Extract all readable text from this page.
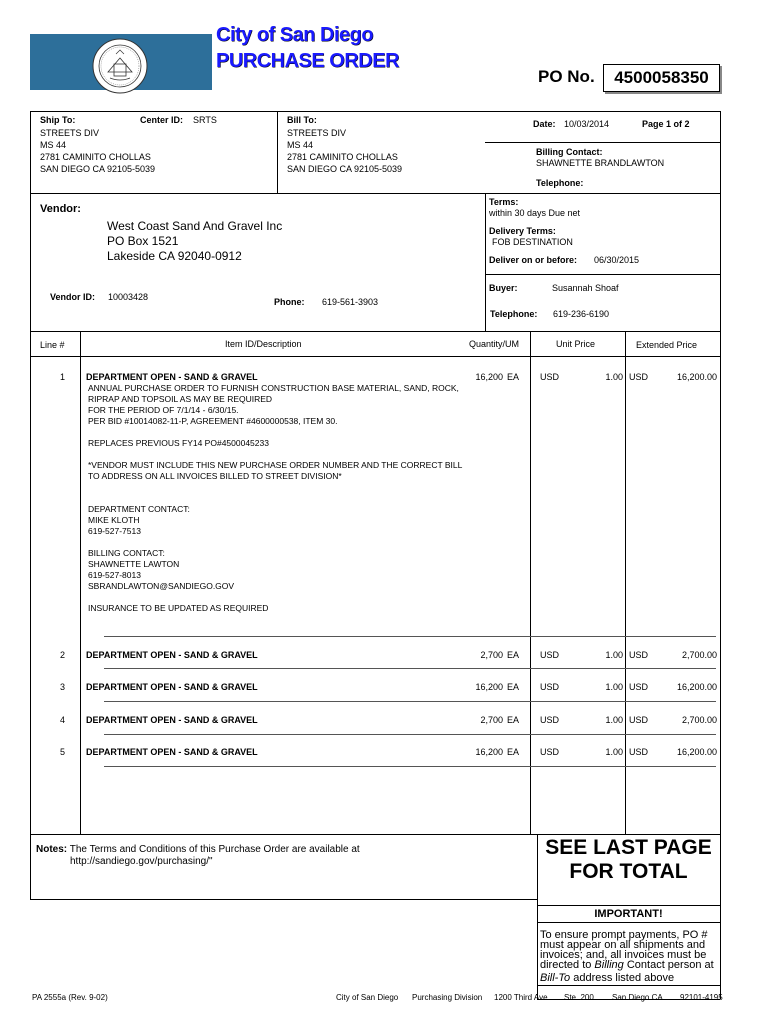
City of San Diego
PURCHASE ORDER
PO No.	4500058350
Ship To:	Center ID: SRTS
STREETS DIV
MS 44
2781 CAMINITO CHOLLAS
SAN DIEGO CA 92105-5039
Bill To:
STREETS DIV
MS 44
2781 CAMINITO CHOLLAS
SAN DIEGO CA 92105-5039
Date: 10/03/2014	Page 1 of 2
Billing Contact:
SHAWNETTE BRANDLAWTON
Telephone:
Vendor:
West Coast Sand And Gravel Inc
PO Box 1521
Lakeside CA 92040-0912
Vendor ID: 10003428	Phone: 619-561-3903
Terms:
within 30 days Due net
Delivery Terms:
FOB DESTINATION
Deliver on or before: 06/30/2015
Buyer:	Susannah Shoaf
Telephone: 619-236-6190
Line #	Item ID/Description	Quantity/UM	Unit Price	Extended Price
1 DEPARTMENT OPEN - SAND & GRAVEL	16,200 EA USD	1.00 USD	16,200.00
ANNUAL PURCHASE ORDER TO FURNISH CONSTRUCTION BASE MATERIAL, SAND, ROCK,
RIPRAP AND TOPSOIL AS MAY BE REQUIRED
FOR THE PERIOD OF 7/1/14 - 6/30/15.
PER BID #10014082-11-P, AGREEMENT #4600000538, ITEM 30.
REPLACES PREVIOUS FY14 PO#4500045233
*VENDOR MUST INCLUDE THIS NEW PURCHASE ORDER NUMBER AND THE CORRECT BILL
TO ADDRESS ON ALL INVOICES BILLED TO STREET DIVISION*
DEPARTMENT CONTACT:
MIKE KLOTH
619-527-7513
BILLING CONTACT:
SHAWNETTE LAWTON
619-527-8013
SBRANDLAWTON@SANDIEGO.GOV
INSURANCE TO BE UPDATED AS REQUIRED
2 DEPARTMENT OPEN - SAND & GRAVEL	2,700 EA USD	1.00 USD	2,700.00
3 DEPARTMENT OPEN - SAND & GRAVEL	16,200 EA USD	1.00 USD	16,200.00
4 DEPARTMENT OPEN - SAND & GRAVEL	2,700 EA USD	1.00 USD	2,700.00
5 DEPARTMENT OPEN - SAND & GRAVEL	16,200 EA USD	1.00 USD	16,200.00
Notes: The Terms and Conditions of this Purchase Order are available at
http://sandiego.gov/purchasing/"
SEE LAST PAGE
FOR TOTAL
IMPORTANT!
To ensure prompt payments, PO #
must appear on all shipments and
invoices; and, all invoices must be
directed to Billing Contact person at
Bill-To address listed above
PA 2555a (Rev. 9-02)	City of San Diego Purchasing Division 1200 Third Ave. Ste. 200 San Diego CA 92101-4195
